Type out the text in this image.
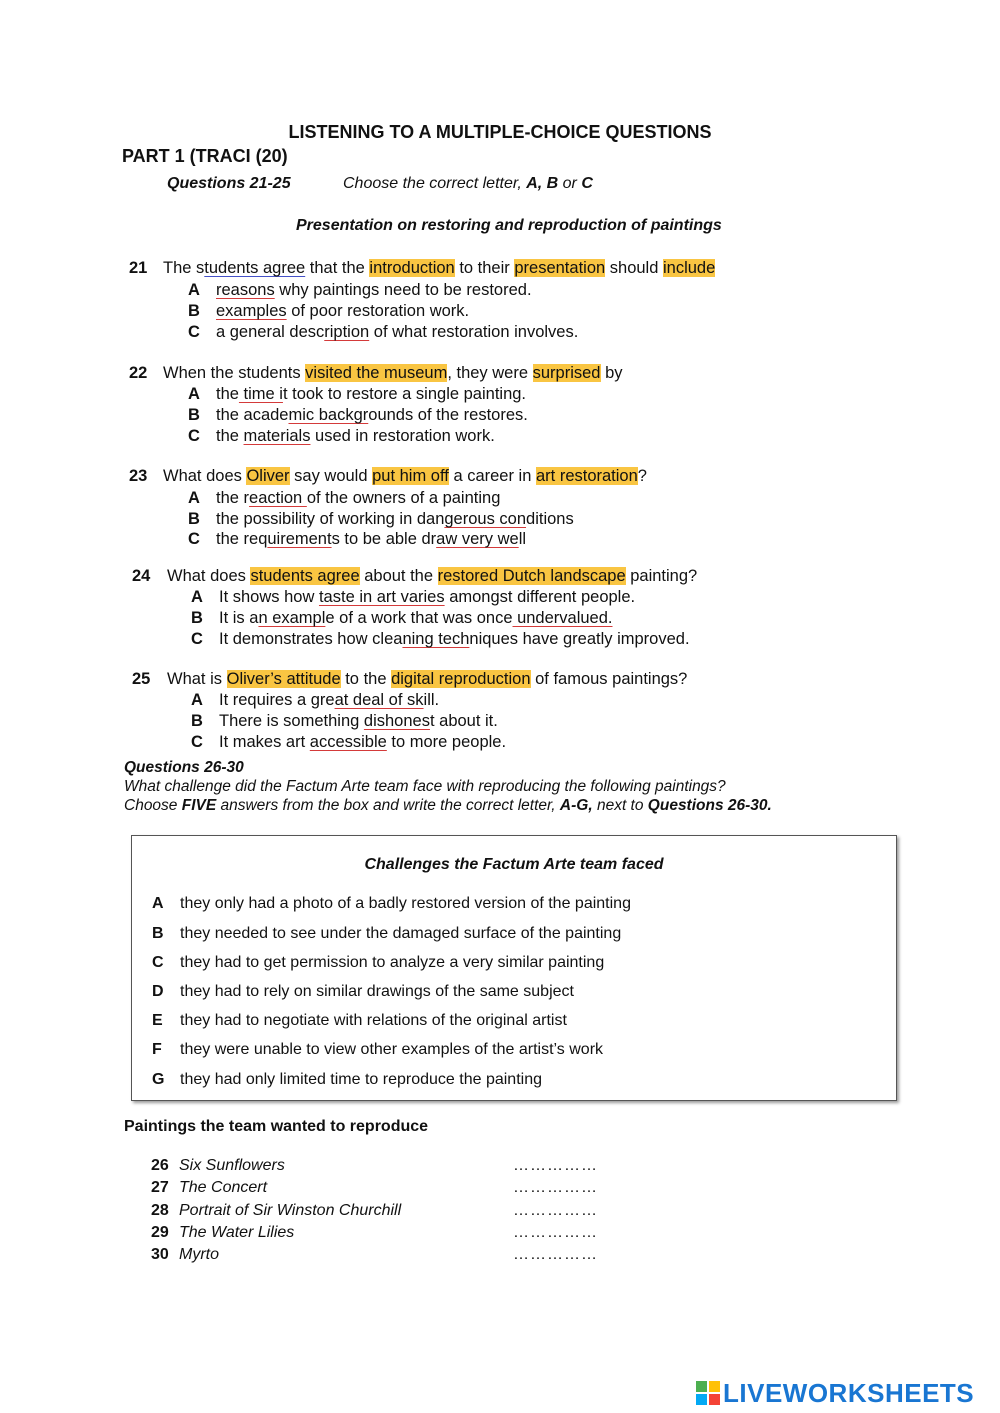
LISTENING TO A MULTIPLE-CHOICE QUESTIONS
PART 1 (TRACI (20)
Questions 21-25	Choose the correct letter, A, B or C
Presentation on restoring and reproduction of paintings
21 The students agree that the introduction to their presentation should include
A reasons why paintings need to be restored.
B examples of poor restoration work.
C a general description of what restoration involves.
22 When the students visited the museum, they were surprised by
A the time it took to restore a single painting.
B the academic backgrounds of the restores.
C the materials used in restoration work.
23 What does Oliver say would put him off a career in art restoration?
A the reaction of the owners of a painting
B the possibility of working in dangerous conditions
C the requirements to be able draw very well
24 What does students agree about the restored Dutch landscape painting?
A It shows how taste in art varies amongst different people.
B It is an example of a work that was once undervalued.
C It demonstrates how cleaning techniques have greatly improved.
25 What is Oliver’s attitude to the digital reproduction of famous paintings?
A It requires a great deal of skill.
B There is something dishonest about it.
C It makes art accessible to more people.
Questions 26-30
What challenge did the Factum Arte team face with reproducing the following paintings?
Choose FIVE answers from the box and write the correct letter, A-G, next to Questions 26-30.
Challenges the Factum Arte team faced
A they only had a photo of a badly restored version of the painting
B they needed to see under the damaged surface of the painting
C they had to get permission to analyze a very similar painting
D they had to rely on similar drawings of the same subject
E they had to negotiate with relations of the original artist
F they were unable to view other examples of the artist’s work
G they had only limited time to reproduce the painting
Paintings the team wanted to reproduce
26 Six Sunflowers	……………
27 The Concert	……………
28 Portrait of Sir Winston Churchill	……………
29 The Water Lilies	……………
30 Myrto	……………
LIVEWORKSHEETS
